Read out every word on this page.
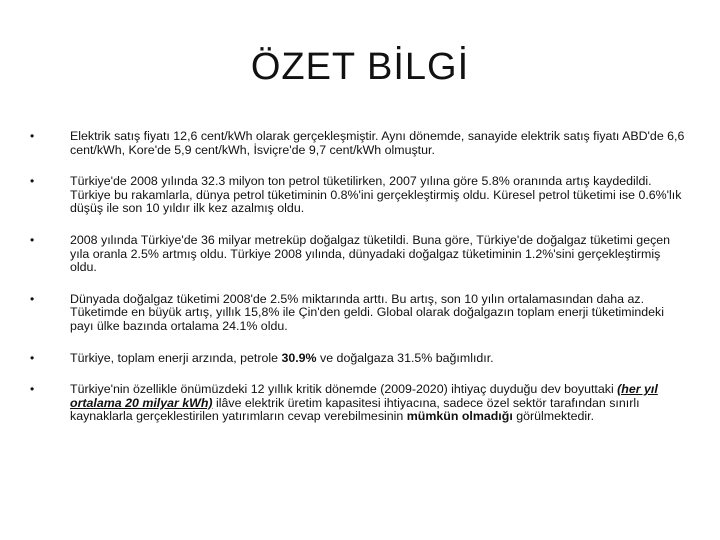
ÖZET BİLGİ
•	Elektrik satış fiyatı 12,6 cent/kWh olarak gerçekleşmiştir. Aynı dönemde, sanayide elektrik satış fiyatı ABD'de 6,6 cent/kWh, Kore'de 5,9 cent/kWh, İsviçre'de 9,7 cent/kWh olmuştur.
•	Türkiye'de 2008 yılında 32.3 milyon ton petrol tüketilirken, 2007 yılına göre 5.8% oranında artış kaydedildi. Türkiye bu rakamlarla, dünya petrol tüketiminin 0.8%'ini gerçekleştirmiş oldu. Küresel petrol tüketimi ise 0.6%'lık düşüş ile son 10 yıldır ilk kez azalmış oldu.
•	2008 yılında Türkiye'de 36 milyar metreküp doğalgaz tüketildi. Buna göre, Türkiye'de doğalgaz tüketimi geçen yıla oranla 2.5% artmış oldu. Türkiye 2008 yılında, dünyadaki doğalgaz tüketiminin 1.2%'sini gerçekleştirmiş oldu.
•	Dünyada doğalgaz tüketimi 2008'de 2.5% miktarında arttı. Bu artış, son 10 yılın ortalamasından daha az. Tüketimde en büyük artış, yıllık 15,8% ile Çin'den geldi. Global olarak doğalgazın toplam enerji tüketimindeki payı ülke bazında ortalama 24.1% oldu.
•	Türkiye, toplam enerji arzında, petrole 30.9% ve doğalgaza 31.5% bağımlıdır.
•	Türkiye'nin özellikle önümüzdeki 12 yıllık kritik dönemde (2009-2020) ihtiyaç duyduğu dev boyuttaki (her yıl ortalama 20 milyar kWh) ilâve elektrik üretim kapasitesi ihtiyacına, sadece özel sektör tarafından sınırlı kaynaklarla gerçeklestirilen yatırımların cevap verebilmesinin mümkün olmadığı görülmektedir.
